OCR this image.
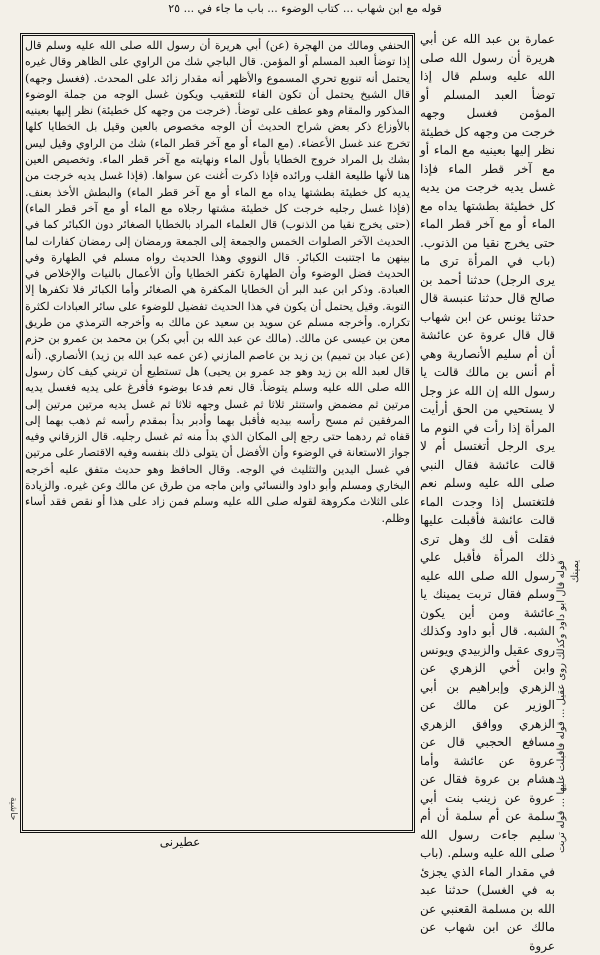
قوله مع ابن شهاب ... كتاب الوضوء ... باب ما جاء في ... ٢٥

الحنفي ومالك من الهجرة (عن) أبي هريرة أن رسول الله صلى الله عليه وسلم قال إذا توضأ العبد المسلم أو المؤمن. قال الباجي شك من الراوي على الظاهر وقال غيره يحتمل أنه تنويع تحري المسموع والأظهر أنه مقدار زائد على المحدث. (فغسل وجهه) قال الشيخ يحتمل أن تكون الفاء للتعقيب ويكون غسل الوجه من جملة الوضوء المذكور والمقام وهو عطف على توضأ. (خرجت من وجهه كل خطيئة) نظر إليها بعينيه بالأوزاع ذكر بعض شراح الحديث أن الوجه مخصوص بالعين وقيل بل الخطايا كلها تخرج عند غسل الأعضاء. (مع الماء أو مع آخر قطر الماء) شك من الراوي وقيل ليس بشك بل المراد خروج الخطايا بأول الماء ونهايته مع آخر قطر الماء. وتخصيص العين هنا لأنها طليعة القلب ورائده فإذا ذكرت أغنت عن سواها. (فإذا غسل يديه خرجت من يديه كل خطيئة بطشتها يداه مع الماء أو مع آخر قطر الماء) والبطش الأخذ بعنف. (فإذا غسل رجليه خرجت كل خطيئة مشتها رجلاه مع الماء أو مع آخر قطر الماء) (حتى يخرج نقيا من الذنوب) قال العلماء المراد بالخطايا الصغائر دون الكبائر كما في الحديث الآخر الصلوات الخمس والجمعة إلى الجمعة ورمضان إلى رمضان كفارات لما بينهن ما اجتنبت الكبائر. قال النووي وهذا الحديث رواه مسلم في الطهارة وفي الحديث فضل الوضوء وأن الطهارة تكفر الخطايا وأن الأعمال بالنيات والإخلاص في العبادة. وذكر ابن عبد البر أن الخطايا المكفرة هي الصغائر وأما الكبائر فلا تكفرها إلا التوبة. وقيل يحتمل أن يكون في هذا الحديث تفضيل للوضوء على سائر العبادات لكثرة تكراره. وأخرجه مسلم عن سويد بن سعيد عن مالك به وأخرجه الترمذي من طريق معن بن عيسى عن مالك. (مالك عن عبد الله بن أبي بكر) بن محمد بن عمرو بن حزم (عن عباد بن تميم) بن زيد بن عاصم المازني (عن عمه عبد الله بن زيد) الأنصاري. (أنه قال لعبد الله بن زيد وهو جد عمرو بن يحيى) هل تستطيع أن تريني كيف كان رسول الله صلى الله عليه وسلم يتوضأ. قال نعم فدعا بوضوء فأفرغ على يديه فغسل يديه مرتين ثم مضمض واستنثر ثلاثا ثم غسل وجهه ثلاثا ثم غسل يديه مرتين مرتين إلى المرفقين ثم مسح رأسه بيديه فأقبل بهما وأدبر بدأ بمقدم رأسه ثم ذهب بهما إلى قفاه ثم ردهما حتى رجع إلى المكان الذي بدأ منه ثم غسل رجليه. قال الزرقاني وفيه جواز الاستعانة في الوضوء وأن الأفضل أن يتولى ذلك بنفسه وفيه الاقتصار على مرتين في غسل اليدين والتثليث في الوجه. وقال الحافظ وهو حديث متفق عليه أخرجه البخاري ومسلم وأبو داود والنسائي وابن ماجه من طرق عن مالك وعن غيره. والزيادة على الثلاث مكروهة لقوله صلى الله عليه وسلم فمن زاد على هذا أو نقص فقد أساء وظلم.

عمارة بن عبد الله عن أبي هريرة أن رسول الله صلى الله عليه وسلم قال إذا توضأ العبد المسلم أو المؤمن فغسل وجهه خرجت من وجهه كل خطيئة نظر إليها بعينيه مع الماء أو مع آخر قطر الماء فإذا غسل يديه خرجت من يديه كل خطيئة بطشتها يداه مع الماء أو مع آخر قطر الماء حتى يخرج نقيا من الذنوب. (باب في المرأة ترى ما يرى الرجل) حدثنا أحمد بن صالح قال حدثنا عنبسة قال حدثنا يونس عن ابن شهاب قال قال عروة عن عائشة أن أم سليم الأنصارية وهي أم أنس بن مالك قالت يا رسول الله إن الله عز وجل لا يستحيي من الحق أرأيت المرأة إذا رأت في النوم ما يرى الرجل أتغتسل أم لا قالت عائشة فقال النبي صلى الله عليه وسلم نعم فلتغتسل إذا وجدت الماء قالت عائشة فأقبلت عليها فقلت أف لك وهل ترى ذلك المرأة فأقبل علي رسول الله صلى الله عليه وسلم فقال تربت يمينك يا عائشة ومن أين يكون الشبه. قال أبو داود وكذلك روى عقيل والزبيدي ويونس وابن أخي الزهري عن الزهري وإبراهيم بن أبي الوزير عن مالك عن الزهري ووافق الزهري مسافع الحجبي قال عن عروة عن عائشة وأما هشام بن عروة فقال عن عروة عن زينب بنت أبي سلمة عن أم سلمة أن أم سليم جاءت رسول الله صلى الله عليه وسلم. (باب في مقدار الماء الذي يجزئ به في الغسل) حدثنا عبد الله بن مسلمة القعنبي عن مالك عن ابن شهاب عن عروة

قوله قال ابو داود وكذلك روى عقيل ... قوله فاقبلت عليها ... قوله تربت يمينك
حاشية
عطيرنى
